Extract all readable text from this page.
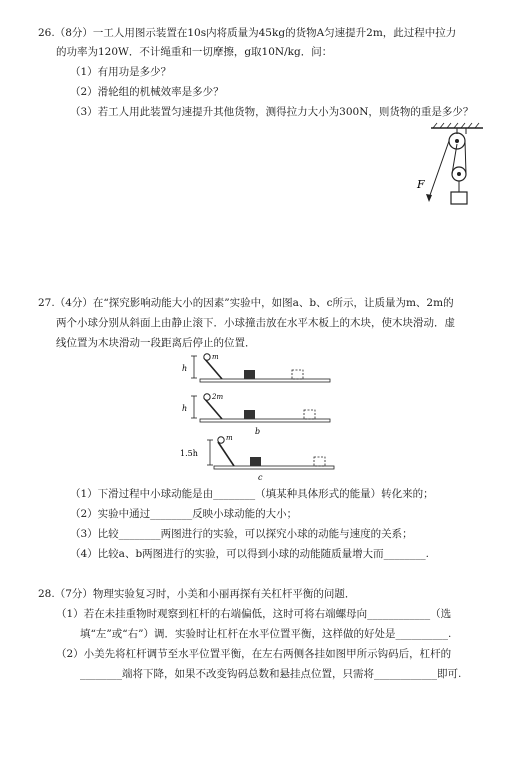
26.（8分）一工人用图示装置在10s内将质量为45kg的货物A匀速提升2m，此过程中拉力
的功率为120W．不计绳重和一切摩擦，g取10N/kg．问：
（1）有用功是多少？
（2）滑轮组的机械效率是多少？
（3）若工人用此装置匀速提升其他货物，测得拉力大小为300N，则货物的重是多少？
F
27.（4分）在“探究影响动能大小的因素”实验中，如图a、b、c所示，让质量为m、2m的
两个小球分别从斜面上由静止滚下．小球撞击放在水平木板上的木块，使木块滑动．虚
线位置为木块滑动一段距离后停止的位置．
h
m
h
2m
b
1.5h
m
c
（1）下滑过程中小球动能是由________（填某种具体形式的能量）转化来的；
（2）实验中通过________反映小球动能的大小；
（3）比较________两图进行的实验，可以探究小球的动能与速度的关系；
（4）比较a、b两图进行的实验，可以得到小球的动能随质量增大而________.
28.（7分）物理实验复习时，小美和小丽再探有关杠杆平衡的问题．
（1）若在未挂重物时观察到杠杆的右端偏低，这时可将右端螺母向____________（选
填“左”或“右”）调．实验时让杠杆在水平位置平衡，这样做的好处是__________.
（2）小美先将杠杆调节至水平位置平衡，在左右两侧各挂如图甲所示钩码后，杠杆的
________端将下降，如果不改变钩码总数和悬挂点位置，只需将____________即可.
